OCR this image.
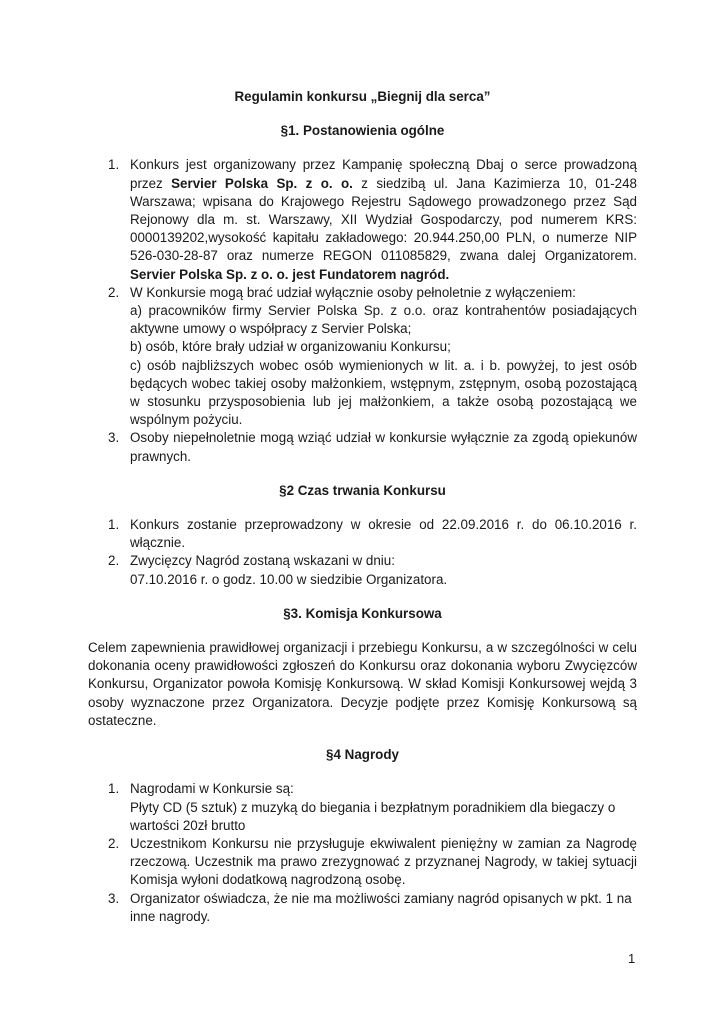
Regulamin konkursu „Biegnij dla serca”

§1. Postanowienia ogólne

1. Konkurs jest organizowany przez Kampanię społeczną Dbaj o serce prowadzoną przez Servier Polska Sp. z o. o. z siedzibą ul. Jana Kazimierza 10, 01-248 Warszawa; wpisana do Krajowego Rejestru Sądowego prowadzonego przez Sąd Rejonowy dla m. st. Warszawy, XII Wydział Gospodarczy, pod numerem KRS: 0000139202,wysokość kapitału zakładowego: 20.944.250,00 PLN, o numerze NIP 526-030-28-87 oraz numerze REGON 011085829, zwana dalej Organizatorem. Servier Polska Sp. z o. o. jest Fundatorem nagród.
2. W Konkursie mogą brać udział wyłącznie osoby pełnoletnie z wyłączeniem:
a) pracowników firmy Servier Polska Sp. z o.o. oraz kontrahentów posiadających aktywne umowy o współpracy z Servier Polska;
b) osób, które brały udział w organizowaniu Konkursu;
c) osób najbliższych wobec osób wymienionych w lit. a. i b. powyżej, to jest osób będących wobec takiej osoby małżonkiem, wstępnym, zstępnym, osobą pozostającą w stosunku przysposobienia lub jej małżonkiem, a także osobą pozostającą we wspólnym pożyciu.
3. Osoby niepełnoletnie mogą wziąć udział w konkursie wyłącznie za zgodą opiekunów prawnych.

§2 Czas trwania Konkursu

1. Konkurs zostanie przeprowadzony w okresie od 22.09.2016 r. do 06.10.2016 r. włącznie.
2. Zwycięzcy Nagród zostaną wskazani w dniu:
07.10.2016 r. o godz. 10.00 w siedzibie Organizatora.

§3. Komisja Konkursowa

Celem zapewnienia prawidłowej organizacji i przebiegu Konkursu, a w szczególności w celu dokonania oceny prawidłowości zgłoszeń do Konkursu oraz dokonania wyboru Zwycięzców Konkursu, Organizator powoła Komisję Konkursową. W skład Komisji Konkursowej wejdą 3 osoby wyznaczone przez Organizatora. Decyzje podjęte przez Komisję Konkursową są ostateczne.

§4 Nagrody

1. Nagrodami w Konkursie są:
Płyty CD (5 sztuk) z muzyką do biegania i bezpłatnym poradnikiem dla biegaczy o wartości 20zł brutto
2. Uczestnikom Konkursu nie przysługuje ekwiwalent pieniężny w zamian za Nagrodę rzeczową. Uczestnik ma prawo zrezygnować z przyznanej Nagrody, w takiej sytuacji Komisja wyłoni dodatkową nagrodzoną osobę.
3. Organizator oświadcza, że nie ma możliwości zamiany nagród opisanych w pkt. 1 na inne nagrody.
1
